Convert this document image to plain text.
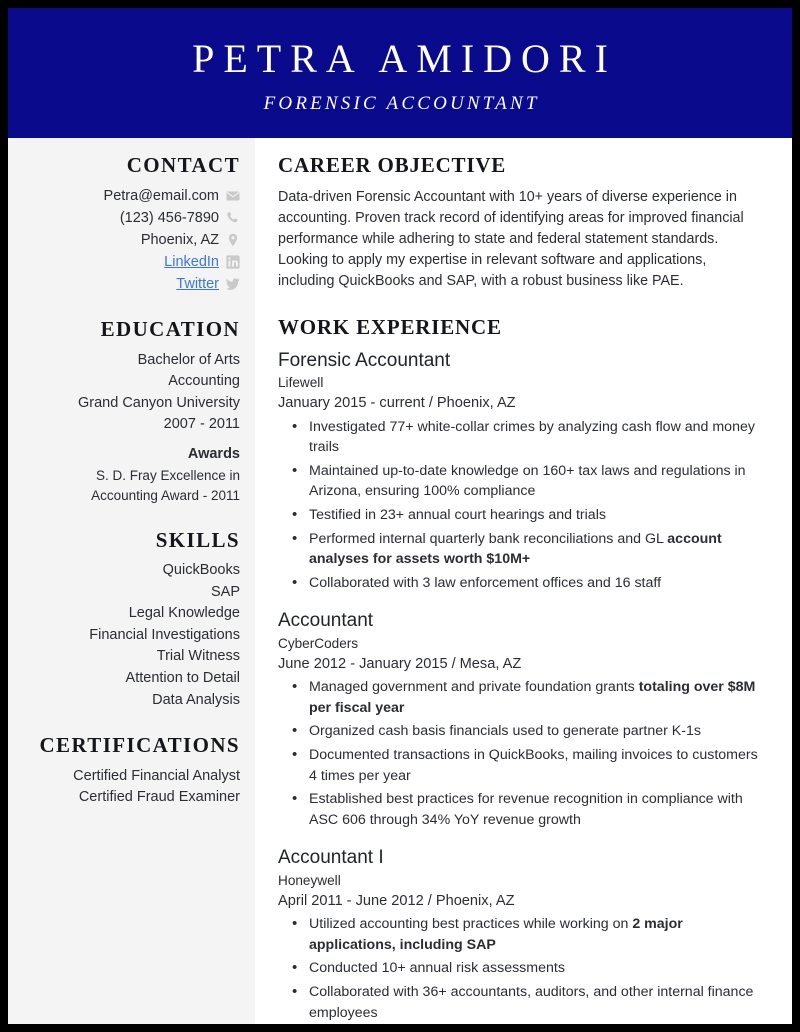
PETRA AMIDORI
FORENSIC ACCOUNTANT
CONTACT
Petra@email.com
(123) 456-7890
Phoenix, AZ
LinkedIn
Twitter
EDUCATION
Bachelor of Arts
Accounting
Grand Canyon University
2007 - 2011
Awards
S. D. Fray Excellence in
Accounting Award - 2011
SKILLS
QuickBooks
SAP
Legal Knowledge
Financial Investigations
Trial Witness
Attention to Detail
Data Analysis
CERTIFICATIONS
Certified Financial Analyst
Certified Fraud Examiner
CAREER OBJECTIVE
Data-driven Forensic Accountant with 10+ years of diverse experience in accounting. Proven track record of identifying areas for improved financial performance while adhering to state and federal statement standards. Looking to apply my expertise in relevant software and applications, including QuickBooks and SAP, with a robust business like PAE.
WORK EXPERIENCE
Forensic Accountant
Lifewell
January 2015 - current / Phoenix, AZ
• Investigated 77+ white-collar crimes by analyzing cash flow and money trails
• Maintained up-to-date knowledge on 160+ tax laws and regulations in Arizona, ensuring 100% compliance
• Testified in 23+ annual court hearings and trials
• Performed internal quarterly bank reconciliations and GL account analyses for assets worth $10M+
• Collaborated with 3 law enforcement offices and 16 staff
Accountant
CyberCoders
June 2012 - January 2015 / Mesa, AZ
• Managed government and private foundation grants totaling over $8M per fiscal year
• Organized cash basis financials used to generate partner K-1s
• Documented transactions in QuickBooks, mailing invoices to customers 4 times per year
• Established best practices for revenue recognition in compliance with ASC 606 through 34% YoY revenue growth
Accountant I
Honeywell
April 2011 - June 2012 / Phoenix, AZ
• Utilized accounting best practices while working on 2 major applications, including SAP
• Conducted 10+ annual risk assessments
• Collaborated with 36+ accountants, auditors, and other internal finance employees
